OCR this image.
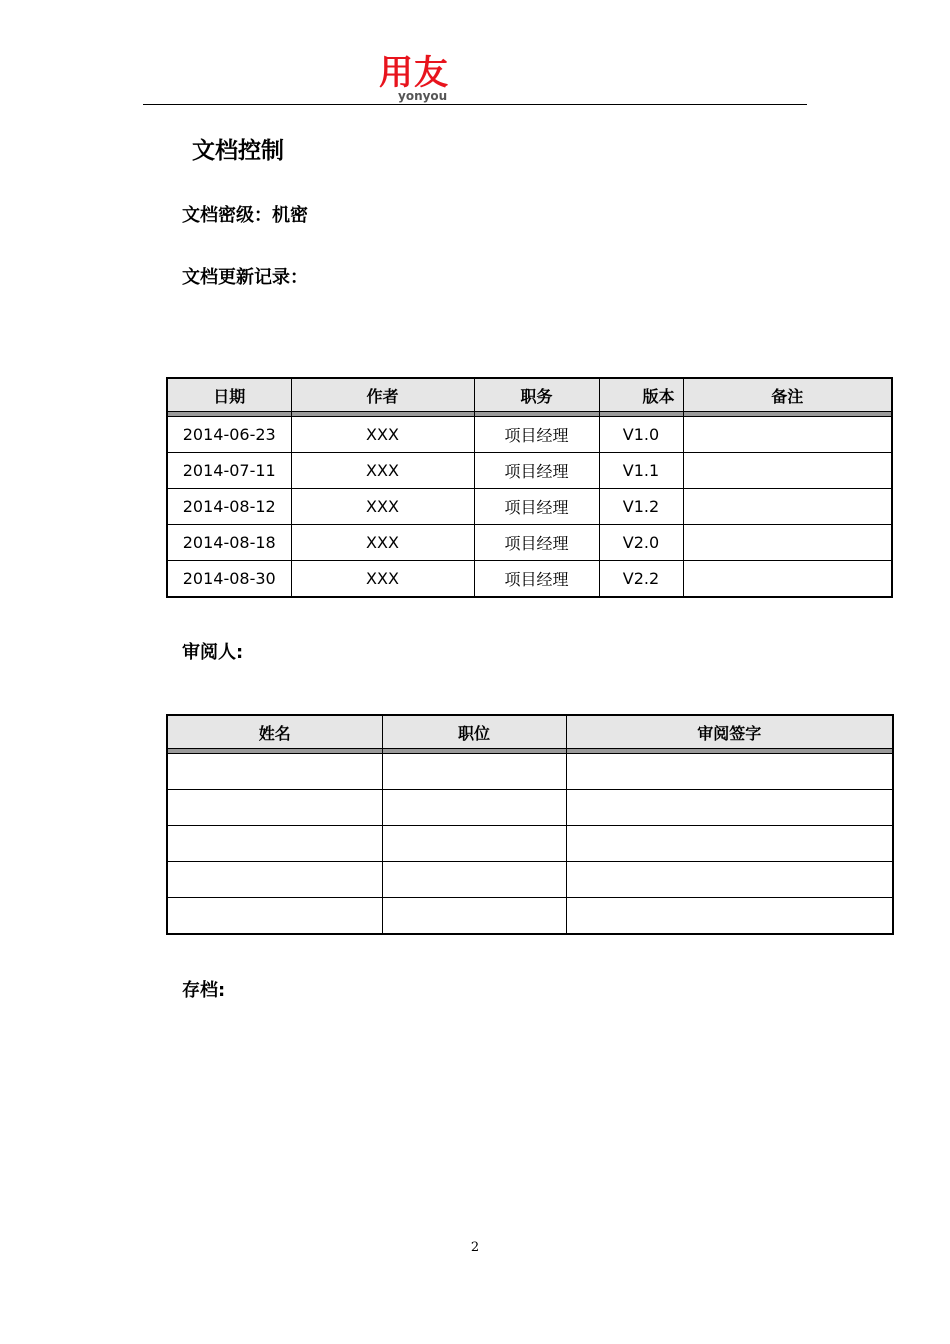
用友
yonyou
文档控制
文档密级：机密
文档更新记录：
日期	作者	职务	版本	备注

2014-06-23	XXX	项目经理	V1.0	
2014-07-11	XXX	项目经理	V1.1	
2014-08-12	XXX	项目经理	V1.2	
2014-08-18	XXX	项目经理	V2.0	
2014-08-30	XXX	项目经理	V2.2	
审阅人:
姓名	职位	审阅签字

存档:
2
